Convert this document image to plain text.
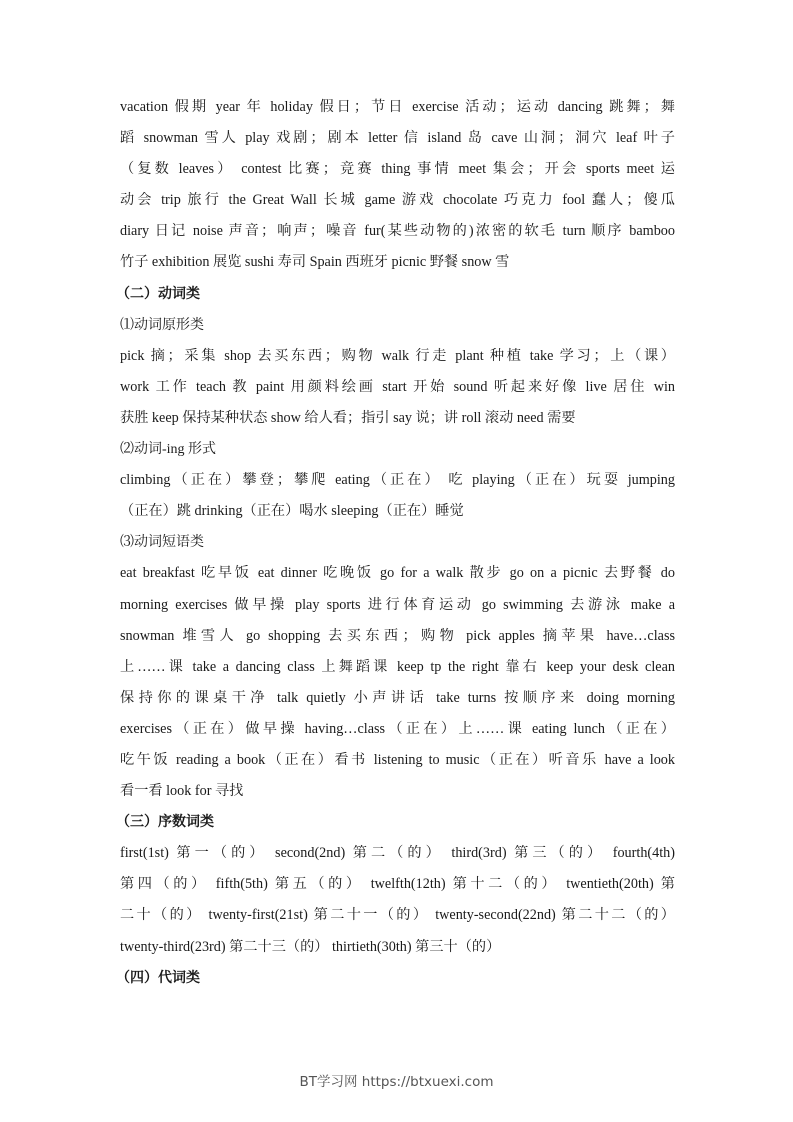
vacation 假期 year 年 holiday 假日；节日 exercise 活动；运动 dancing 跳舞；舞
蹈 snowman 雪人 play 戏剧；剧本 letter 信 island 岛 cave 山洞；洞穴 leaf 叶子
（复数 leaves） contest 比赛；竞赛 thing 事情 meet 集会；开会 sports meet 运
动会 trip 旅行 the Great Wall 长城 game 游戏 chocolate 巧克力 fool 蠢人；傻瓜
diary 日记 noise 声音；响声；噪音 fur(某些动物的)浓密的软毛 turn 顺序 bamboo
竹子 exhibition 展览 sushi 寿司 Spain 西班牙 picnic 野餐 snow 雪
（二）动词类
⑴动词原形类
pick 摘；采集 shop 去买东西；购物 walk 行走 plant 种植 take 学习；上（课）
work 工作 teach 教 paint 用颜料绘画 start 开始 sound 听起来好像 live 居住 win
获胜 keep 保持某种状态 show 给人看；指引 say 说；讲 roll 滚动 need 需要
⑵动词-ing 形式
climbing（正在）攀登；攀爬 eating（正在） 吃 playing（正在）玩耍 jumping
（正在）跳 drinking（正在）喝水 sleeping（正在）睡觉
⑶动词短语类
eat breakfast 吃早饭 eat dinner 吃晚饭 go for a walk 散步 go on a picnic 去野餐 do
morning exercises 做早操 play sports 进行体育运动 go swimming 去游泳 make a
snowman 堆雪人 go shopping 去买东西；购物 pick apples 摘苹果 have…class
上……课 take a dancing class 上舞蹈课 keep tp the right 靠右 keep your desk clean
保持你的课桌干净 talk quietly 小声讲话 take turns 按顺序来 doing morning
exercises（正在）做早操 having…class（正在）上……课 eating lunch（正在）
吃午饭 reading a book（正在）看书 listening to music（正在）听音乐 have a look
看一看 look for 寻找
（三）序数词类
first(1st) 第一（的） second(2nd) 第二（的） third(3rd) 第三（的） fourth(4th)
第四（的） fifth(5th) 第五（的） twelfth(12th) 第十二（的） twentieth(20th) 第
二十（的） twenty-first(21st) 第二十一（的） twenty-second(22nd) 第二十二（的）
twenty-third(23rd) 第二十三（的） thirtieth(30th) 第三十（的）
（四）代词类
BT学习网 https://btxuexi.com
